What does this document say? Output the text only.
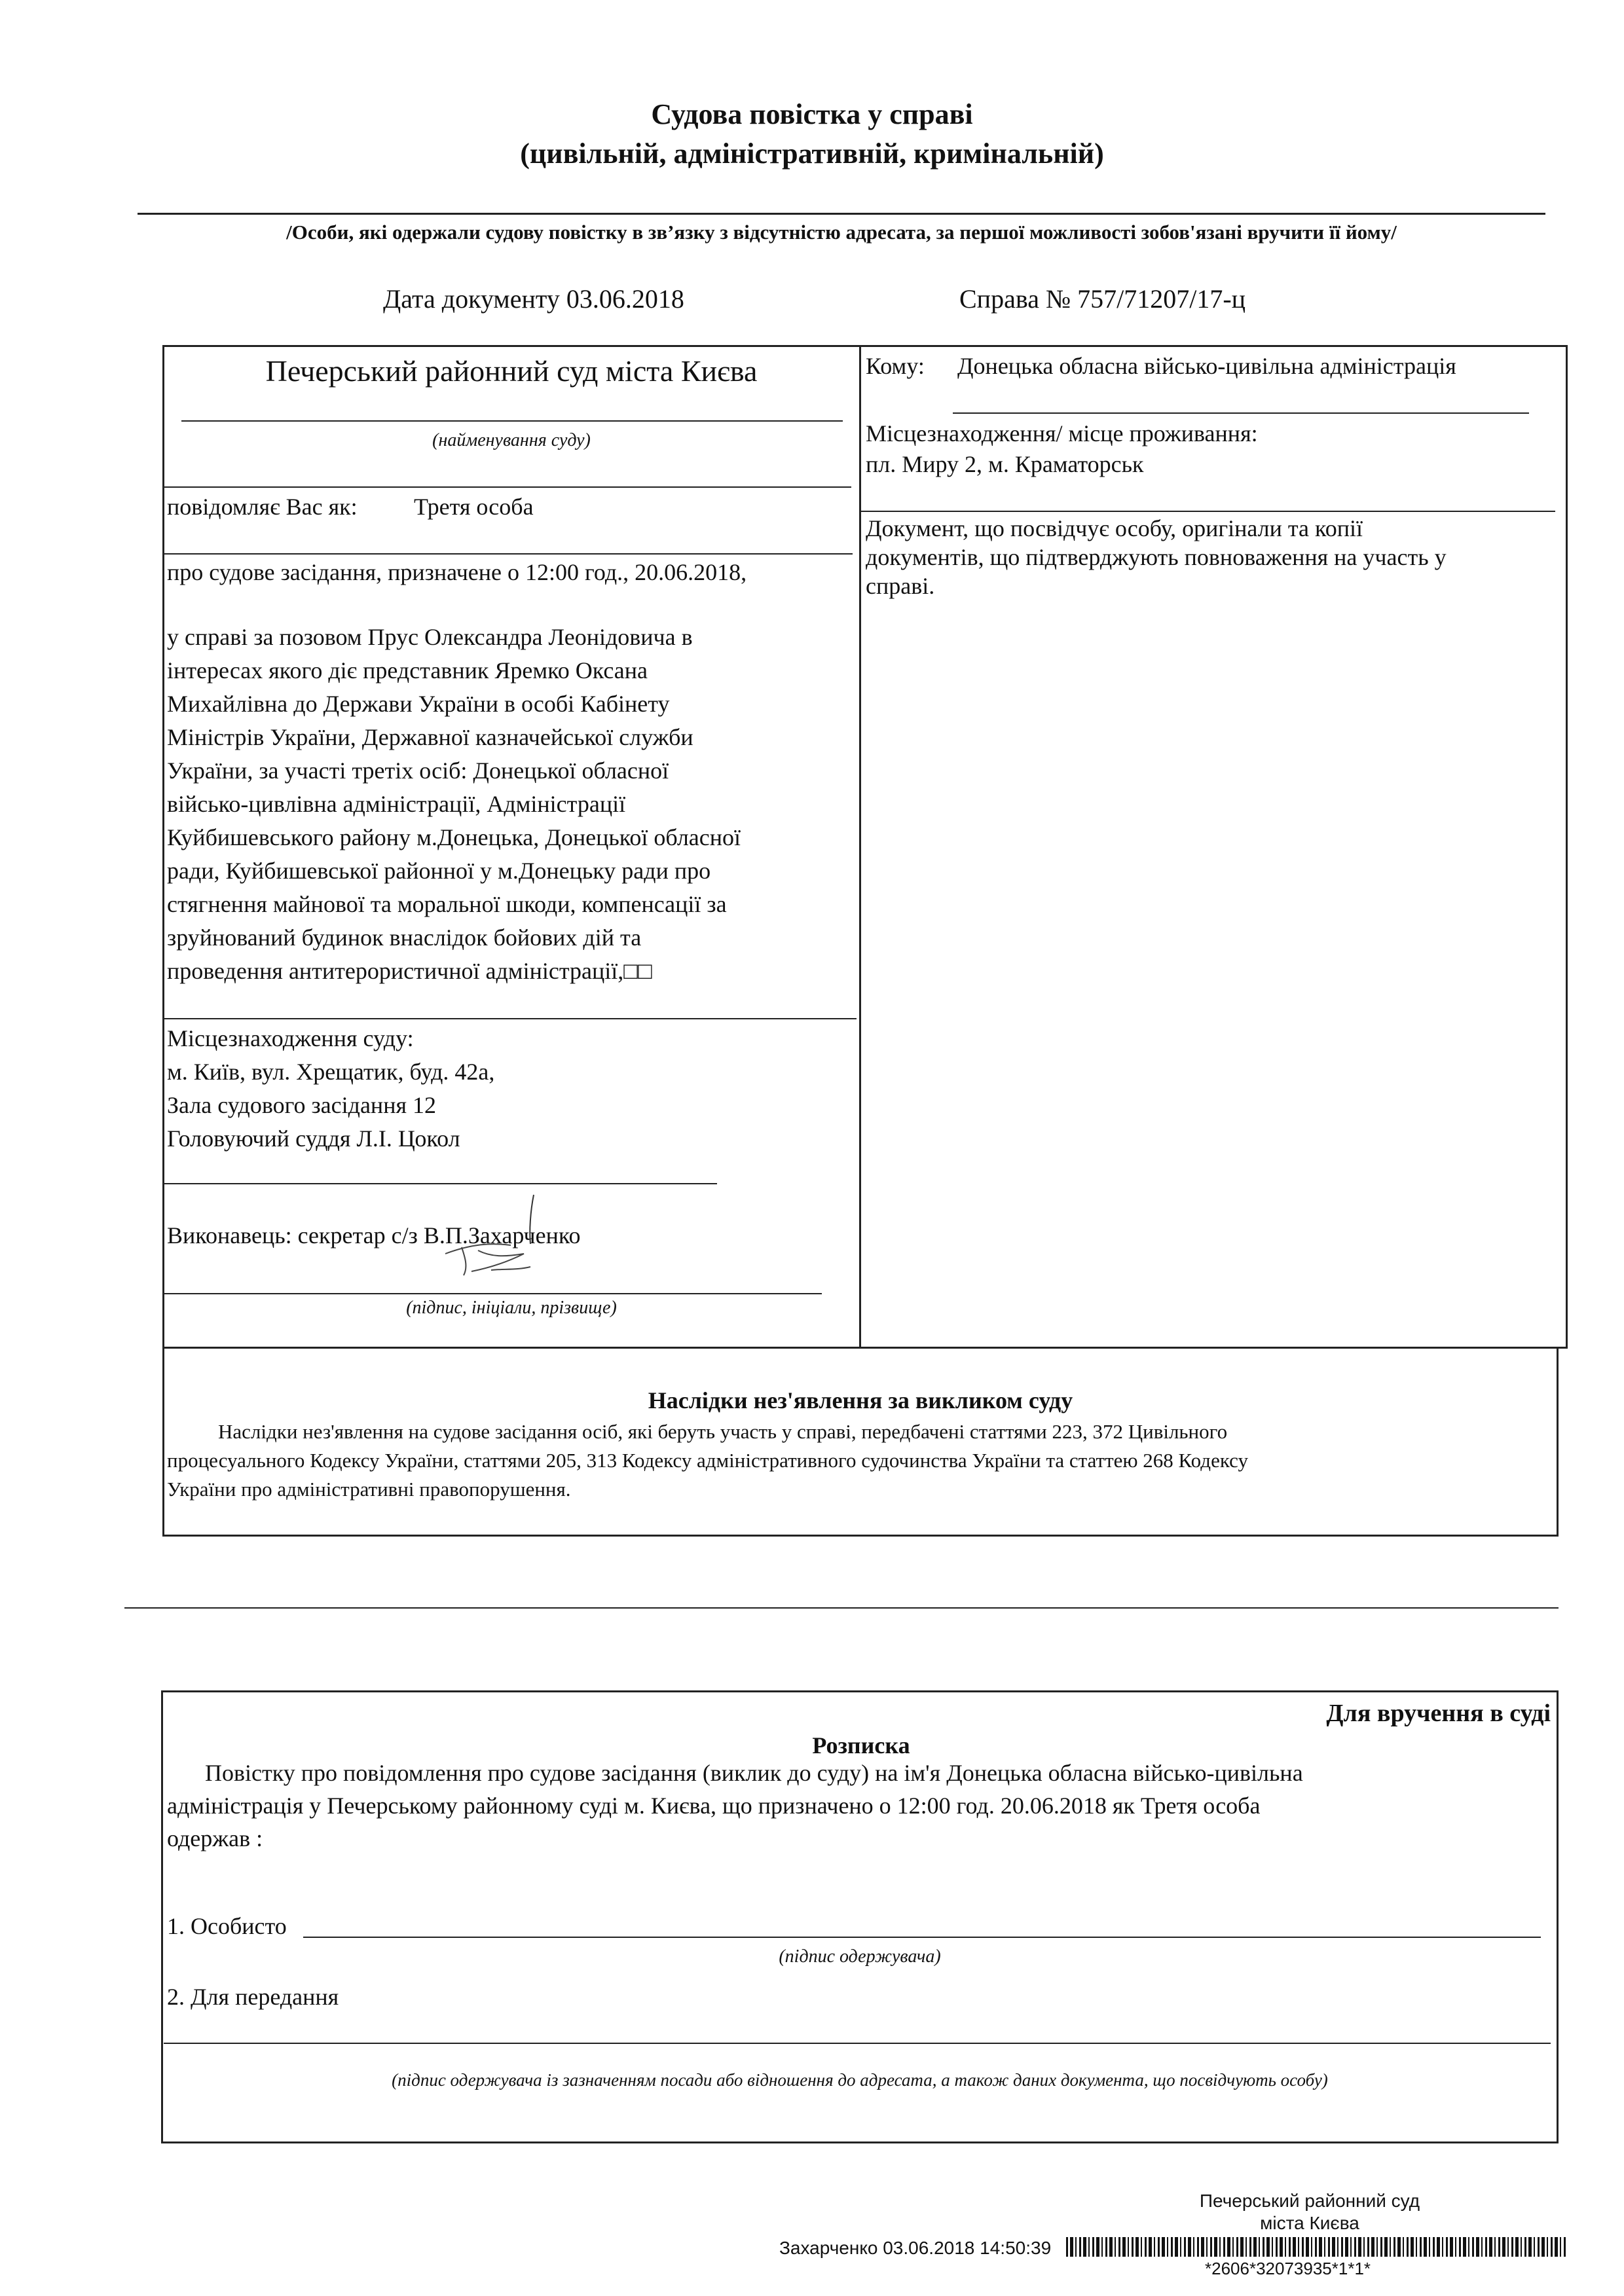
Судова повістка у справі
(цивільній, адміністративній, кримінальній)
/Особи, які одержали судову повістку в зв’язку з відсутністю адресата, за першої можливості зобов'язані вручити її йому/
Дата документу 03.06.2018	Справа № 757/71207/17-ц
Печерський районний суд міста Києва
(найменування суду)
повідомляє Вас як: Третя особа
про судове засідання, призначене о 12:00 год., 20.06.2018,
у справі за позовом Прус Олександра Леонідовича в
інтересах якого діє представник Яремко Оксана
Михайлівна до Держави України в особі Кабінету
Міністрів України, Державної казначейської служби
України, за участі третіх осіб: Донецької обласної
військо-цивлівна адміністрації, Адміністрації
Куйбишевського району м.Донецька, Донецької обласної
ради, Куйбишевської районної у м.Донецьку ради про
стягнення майнової та моральної шкоди, компенсації за
зруйнований будинок внаслідок бойових дій та
проведення антитерористичної адміністрації,□□
Місцезнаходження суду:
м. Київ, вул. Хрещатик, буд. 42а,
Зала судового засідання 12
Головуючий суддя Л.І. Цокол
Виконавець: секретар с/з В.П.Захарченко
(підпис, ініціали, прізвище)
Кому: Донецька обласна військо-цивільна адміністрація
Місцезнаходження/ місце проживання:
пл. Миру 2, м. Краматорськ
Документ, що посвідчує особу, оригінали та копії
документів, що підтверджують повноваження на участь у
справі.
Наслідки нез'явлення за викликом суду
Наслідки нез'явлення на судове засідання осіб, які беруть участь у справі, передбачені статтями 223, 372 Цивільного
процесуального Кодексу України, статтями 205, 313 Кодексу адміністративного судочинства України та статтею 268 Кодексу
України про адміністративні правопорушення.
Для вручення в суді
Розписка
Повістку про повідомлення про судове засідання (виклик до суду) на ім'я Донецька обласна військо-цивільна
адміністрація у Печерському районному суді м. Києва, що призначено о 12:00 год. 20.06.2018 як Третя особа
одержав :
1. Особисто
(підпис одержувача)
2. Для передання
(підпис одержувача із зазначенням посади або відношення до адресата, а також даних документа, що посвідчують особу)
Печерський районний суд
міста Києва
Захарченко 03.06.2018 14:50:39
*2606*32073935*1*1*
